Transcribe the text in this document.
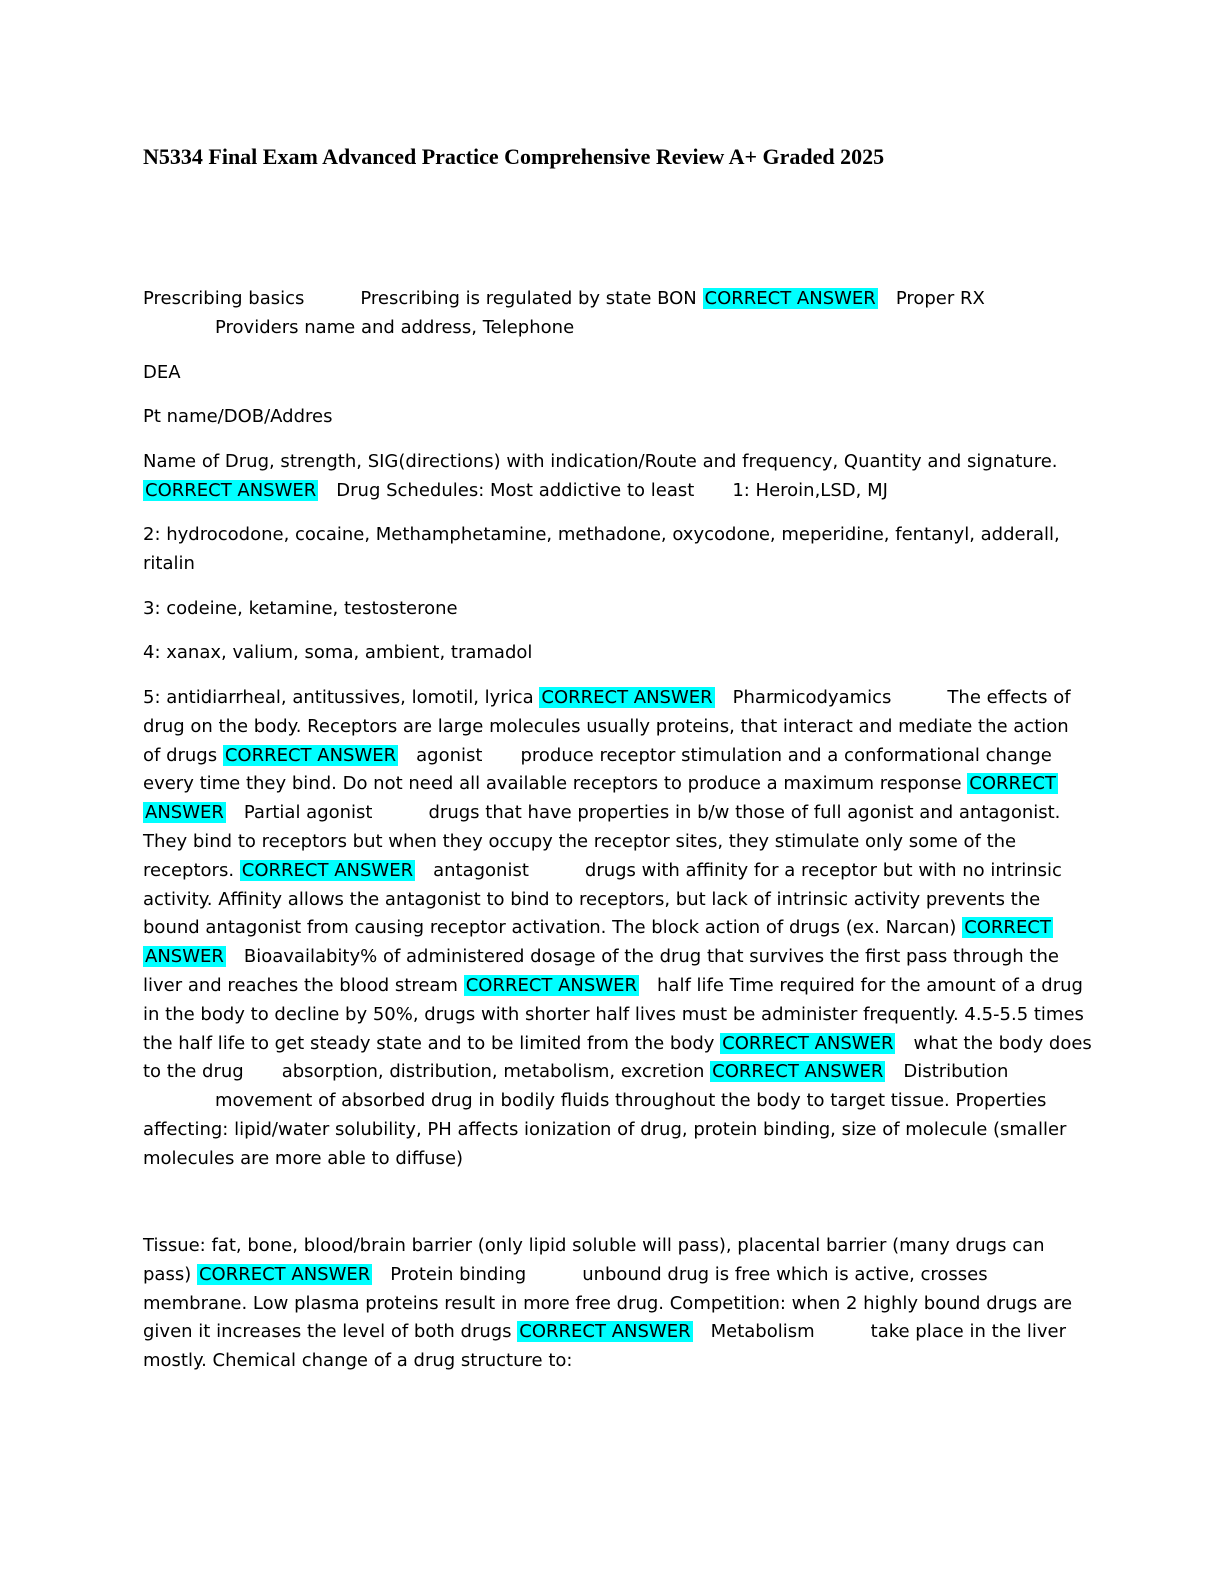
N5334 Final Exam Advanced Practice Comprehensive Review A+ Graded 2025
Prescribing basics	Prescribing is regulated by state BON CORRECT ANSWER Proper RX
Providers name and address, Telephone
DEA
Pt name/DOB/Addres
Name of Drug, strength, SIG(directions) with indication/Route and frequency, Quantity and signature.
CORRECT ANSWER Drug Schedules: Most addictive to least 1: Heroin,LSD, MJ
2: hydrocodone, cocaine, Methamphetamine, methadone, oxycodone, meperidine, fentanyl, adderall,
ritalin
3: codeine, ketamine, testosterone
4: xanax, valium, soma, ambient, tramadol
5: antidiarrheal, antitussives, lomotil, lyrica CORRECT ANSWER Pharmicodyamics	The effects of
drug on the body. Receptors are large molecules usually proteins, that interact and mediate the action
of drugs CORRECT ANSWER agonist produce receptor stimulation and a conformational change
every time they bind. Do not need all available receptors to produce a maximum response CORRECT
ANSWER Partial agonist	drugs that have properties in b/w those of full agonist and antagonist.
They bind to receptors but when they occupy the receptor sites, they stimulate only some of the
receptors. CORRECT ANSWER antagonist	drugs with affinity for a receptor but with no intrinsic
activity. Affinity allows the antagonist to bind to receptors, but lack of intrinsic activity prevents the
bound antagonist from causing receptor activation. The block action of drugs (ex. Narcan) CORRECT
ANSWER Bioavailabity% of administered dosage of the drug that survives the first pass through the
liver and reaches the blood stream CORRECT ANSWER half life Time required for the amount of a drug
in the body to decline by 50%, drugs with shorter half lives must be administer frequently. 4.5-5.5 times
the half life to get steady state and to be limited from the body CORRECT ANSWER what the body does
to the drug absorption, distribution, metabolism, excretion CORRECT ANSWER Distribution
movement of absorbed drug in bodily fluids throughout the body to target tissue. Properties
affecting: lipid/water solubility, PH affects ionization of drug, protein binding, size of molecule (smaller
molecules are more able to diffuse)
Tissue: fat, bone, blood/brain barrier (only lipid soluble will pass), placental barrier (many drugs can
pass) CORRECT ANSWER Protein binding	unbound drug is free which is active, crosses
membrane. Low plasma proteins result in more free drug. Competition: when 2 highly bound drugs are
given it increases the level of both drugs CORRECT ANSWER Metabolism	take place in the liver
mostly. Chemical change of a drug structure to:
